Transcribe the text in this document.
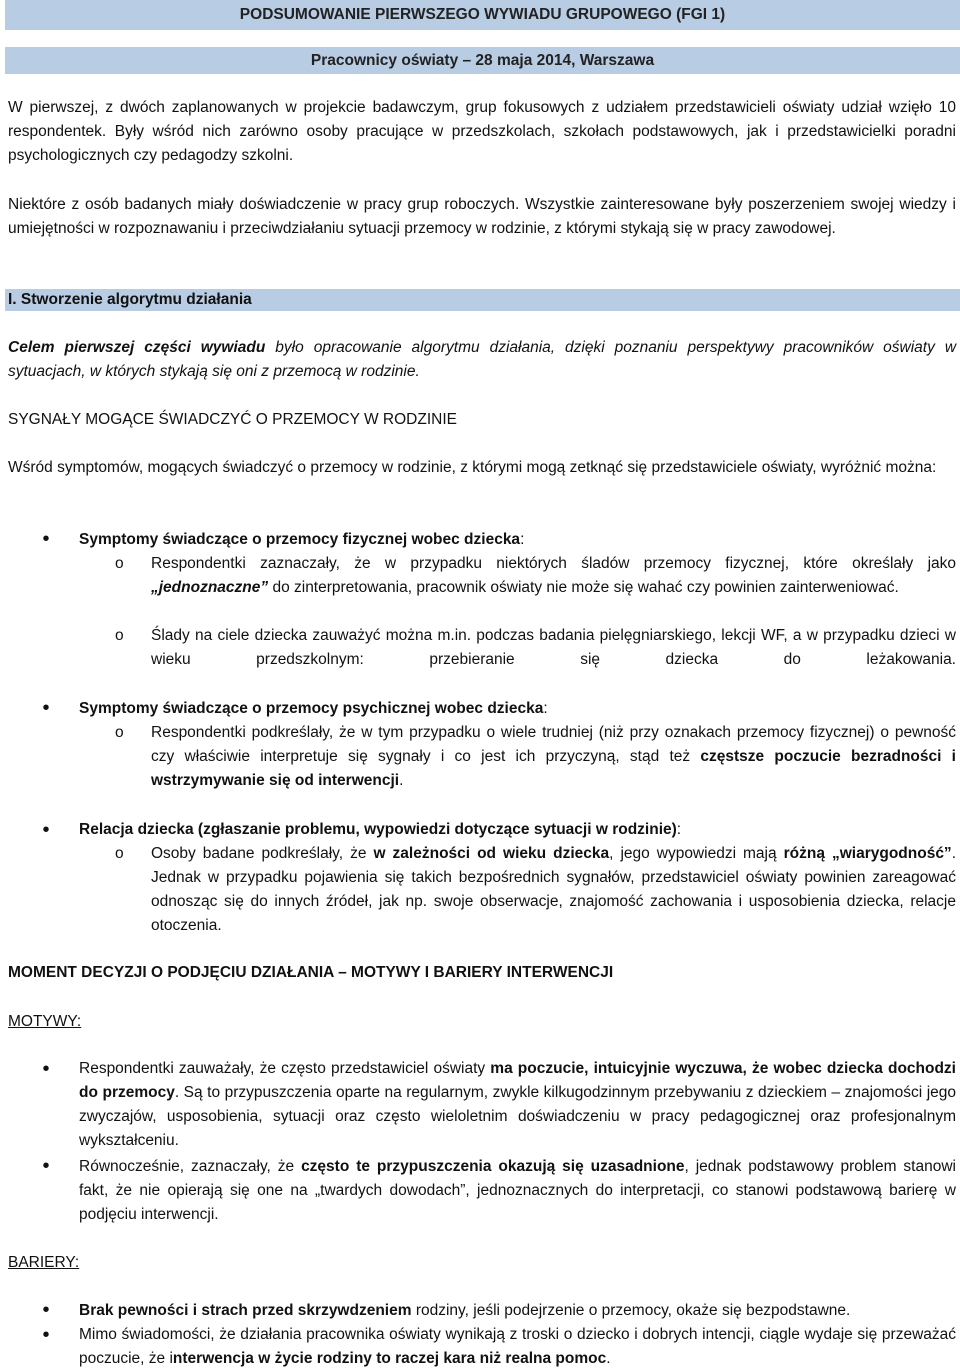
PODSUMOWANIE PIERWSZEGO WYWIADU GRUPOWEGO (FGI 1)
Pracownicy oświaty – 28 maja 2014, Warszawa
W pierwszej, z dwóch zaplanowanych w projekcie badawczym, grup fokusowych z udziałem przedstawicieli oświaty udział wzięło 10 respondentek. Były wśród nich zarówno osoby pracujące w przedszkolach, szkołach podstawowych, jak i przedstawicielki poradni psychologicznych czy pedagodzy szkolni.
Niektóre z osób badanych miały doświadczenie w pracy grup roboczych. Wszystkie zainteresowane były poszerzeniem swojej wiedzy i umiejętności w rozpoznawaniu i przeciwdziałaniu sytuacji przemocy w rodzinie, z którymi stykają się w pracy zawodowej.
I. Stworzenie algorytmu działania
Celem pierwszej części wywiadu było opracowanie algorytmu działania, dzięki poznaniu perspektywy pracowników oświaty w sytuacjach, w których stykają się oni z przemocą w rodzinie.
SYGNAŁY MOGĄCE ŚWIADCZYĆ O PRZEMOCY W RODZINIE
Wśród symptomów, mogących świadczyć o przemocy w rodzinie, z którymi mogą zetknąć się przedstawiciele oświaty, wyróżnić można:
• Symptomy świadczące o przemocy fizycznej wobec dziecka:
o	Respondentki zaznaczały, że w przypadku niektórych śladów przemocy fizycznej, które określały jako „jednoznaczne” do zinterpretowania, pracownik oświaty nie może się wahać czy powinien zainterweniować.
o	Ślady na ciele dziecka zauważyć można m.in. podczas badania pielęgniarskiego, lekcji WF, a w przypadku dzieci w wieku przedszkolnym: przebieranie się dziecka do leżakowania.
• Symptomy świadczące o przemocy psychicznej wobec dziecka:
o	Respondentki podkreślały, że w tym przypadku o wiele trudniej (niż przy oznakach przemocy fizycznej) o pewność czy właściwie interpretuje się sygnały i co jest ich przyczyną, stąd też częstsze poczucie bezradności i wstrzymywanie się od interwencji.
• Relacja dziecka (zgłaszanie problemu, wypowiedzi dotyczące sytuacji w rodzinie):
o	Osoby badane podkreślały, że w zależności od wieku dziecka, jego wypowiedzi mają różną „wiarygodność”. Jednak w przypadku pojawienia się takich bezpośrednich sygnałów, przedstawiciel oświaty powinien zareagować odnosząc się do innych źródeł, jak np. swoje obserwacje, znajomość zachowania i usposobienia dziecka, relacje otoczenia.
MOMENT DECYZJI O PODJĘCIU DZIAŁANIA – MOTYWY I BARIERY INTERWENCJI
MOTYWY:
• Respondentki zauważały, że często przedstawiciel oświaty ma poczucie, intuicyjnie wyczuwa, że wobec dziecka dochodzi do przemocy. Są to przypuszczenia oparte na regularnym, zwykle kilkugodzinnym przebywaniu z dzieckiem – znajomości jego zwyczajów, usposobienia, sytuacji oraz często wieloletnim doświadczeniu w pracy pedagogicznej oraz profesjonalnym wykształceniu.
• Równocześnie, zaznaczały, że często te przypuszczenia okazują się uzasadnione, jednak podstawowy problem stanowi fakt, że nie opierają się one na „twardych dowodach”, jednoznacznych do interpretacji, co stanowi podstawową barierę w podjęciu interwencji.
BARIERY:
• Brak pewności i strach przed skrzywdzeniem rodziny, jeśli podejrzenie o przemocy, okaże się bezpodstawne.
• Mimo świadomości, że działania pracownika oświaty wynikają z troski o dziecko i dobrych intencji, ciągle wydaje się przeważać poczucie, że interwencja w życie rodziny to raczej kara niż realna pomoc.
